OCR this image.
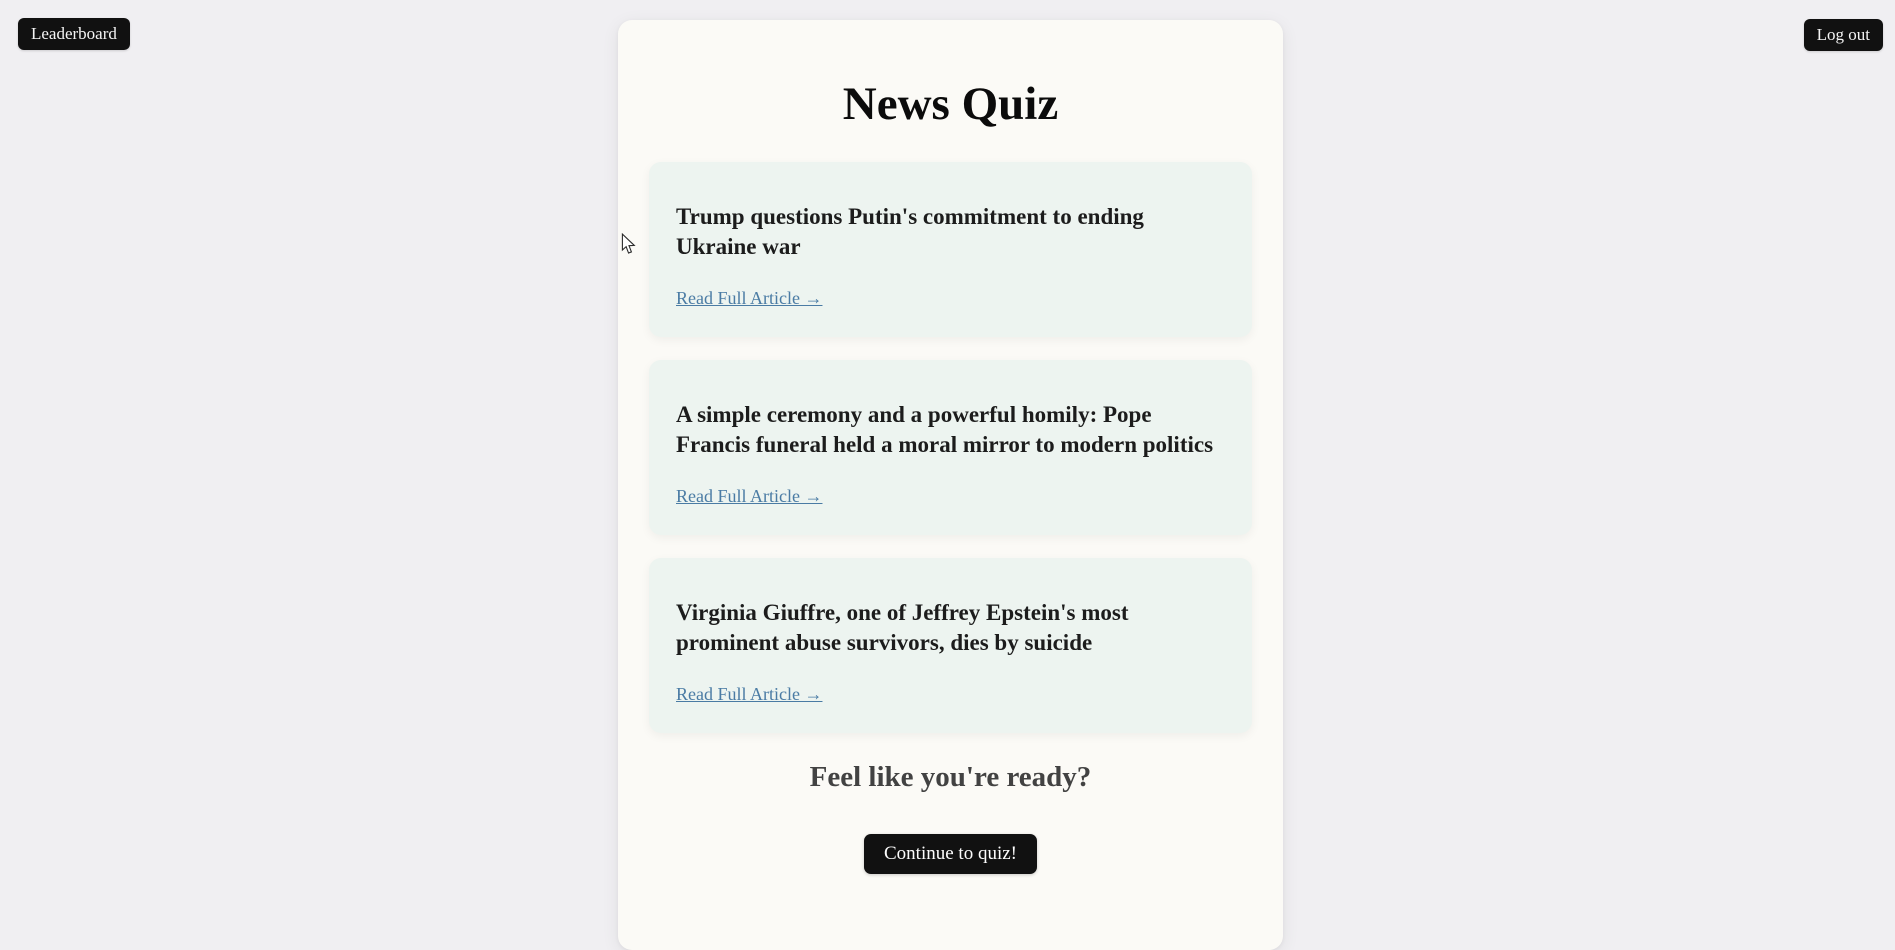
Leaderboard	Log out
News Quiz
Trump questions Putin's commitment to ending Ukraine war
Read Full Article →
A simple ceremony and a powerful homily: Pope Francis funeral held a moral mirror to modern politics
Read Full Article →
Virginia Giuffre, one of Jeffrey Epstein's most prominent abuse survivors, dies by suicide
Read Full Article →
Feel like you're ready?
Continue to quiz!
